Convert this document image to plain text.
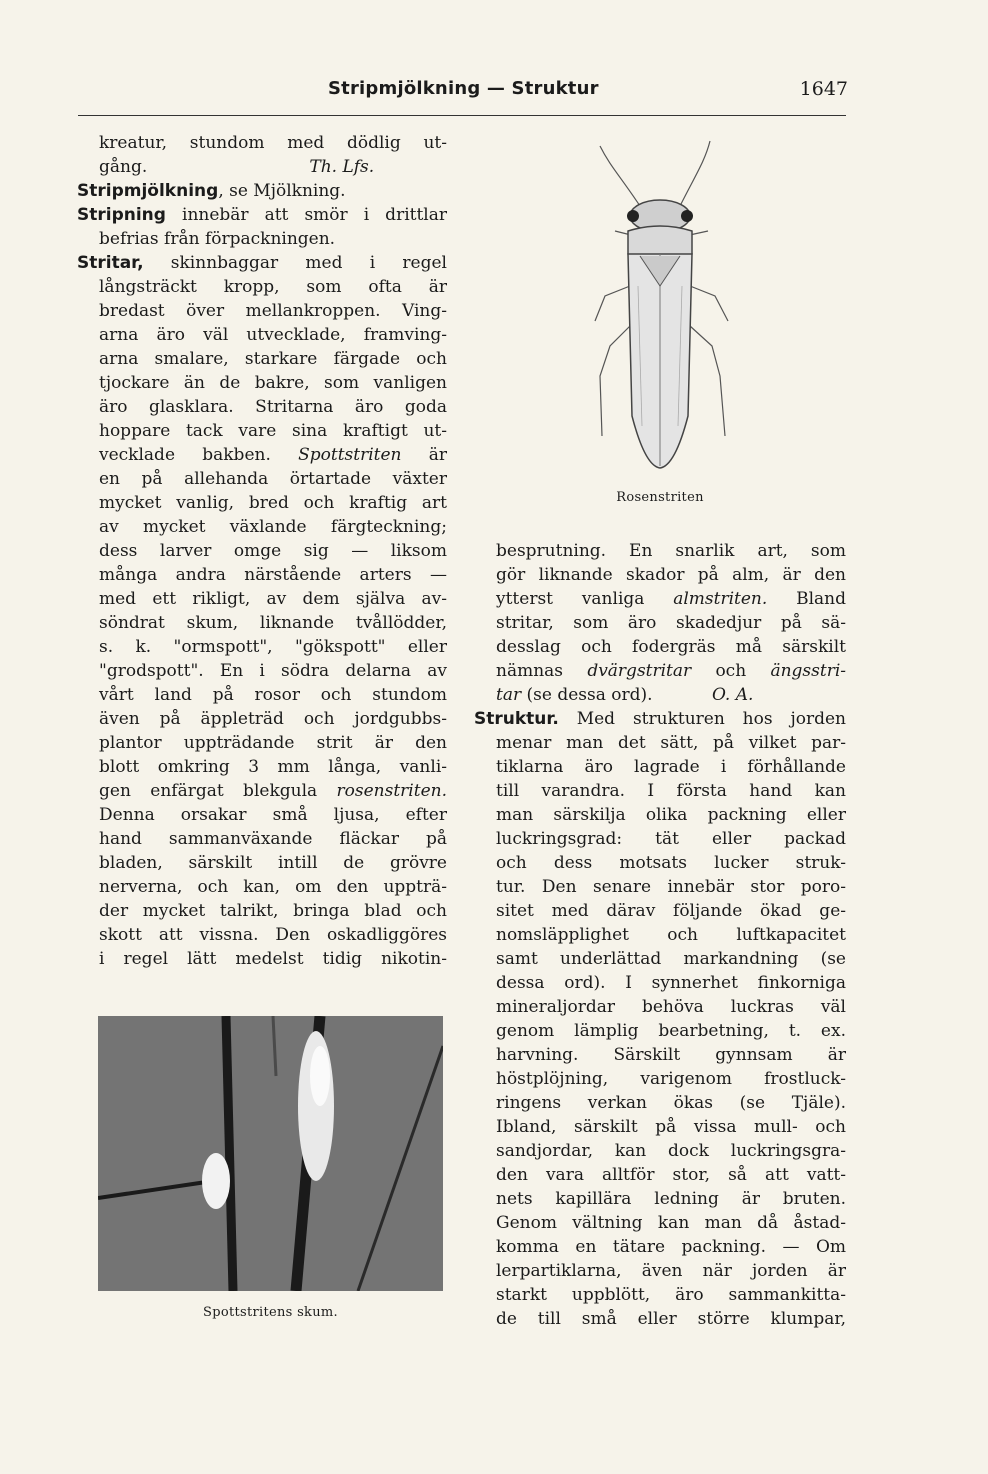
Stripmjölkning — Struktur	1647
kreatur, stundom med dödlig ut-
gång.                              Th. Lfs.
Stripmjölkning, se Mjölkning.
Stripning innebär att smör i drittlar
befrias från förpackningen.
Stritar, skinnbaggar med i regel
långsträckt kropp, som ofta är
bredast över mellankroppen. Ving-
arna äro väl utvecklade, framving-
arna smalare, starkare färgade och
tjockare än de bakre, som vanligen
äro glasklara. Stritarna äro goda
hoppare tack vare sina kraftigt ut-
vecklade bakben. Spottstriten är
en på allehanda örtartade växter
mycket vanlig, bred och kraftig art
av mycket växlande färgteckning;
dess larver omge sig — liksom
många andra närstående arters —
med ett rikligt, av dem själva av-
söndrat skum, liknande tvållödder,
s. k. "ormspott", "gökspott" eller
"grodspott". En i södra delarna av
vårt land på rosor och stundom
även på äppleträd och jordgubbs-
plantor uppträdande strit är den
blott omkring 3 mm långa, vanli-
gen enfärgat blekgula rosenstriten.
Denna orsakar små ljusa, efter
hand sammanväxande fläckar på
bladen, särskilt intill de grövre
nerverna, och kan, om den uppträ-
der mycket talrikt, bringa blad och
skott att vissna. Den oskadliggöres
i regel lätt medelst tidig nikotin-
Rosenstriten
Spottstritens skum.
besprutning. En snarlik art, som
gör liknande skador på alm, är den
ytterst vanliga almstriten. Bland
stritar, som äro skadedjur på sä-
desslag och fodergräs må särskilt
nämnas dvärgstritar och ängsstri-
tar (se dessa ord).           O. A.
Struktur. Med strukturen hos jorden
menar man det sätt, på vilket par-
tiklarna äro lagrade i förhållande
till varandra. I första hand kan
man särskilja olika packning eller
luckringsgrad: tät eller packad
och dess motsats lucker struk-
tur. Den senare innebär stor poro-
sitet med därav följande ökad ge-
nomsläpplighet och luftkapacitet
samt underlättad markandning (se
dessa ord). I synnerhet finkorniga
mineraljordar behöva luckras väl
genom lämplig bearbetning, t. ex.
harvning. Särskilt gynnsam är
höstplöjning, varigenom frostluck-
ringens verkan ökas (se Tjäle).
Ibland, särskilt på vissa mull- och
sandjordar, kan dock luckringsgra-
den vara alltför stor, så att vatt-
nets kapillära ledning är bruten.
Genom vältning kan man då åstad-
komma en tätare packning. — Om
lerpartiklarna, även när jorden är
starkt uppblött, äro sammankitta-
de till små eller större klumpar,
